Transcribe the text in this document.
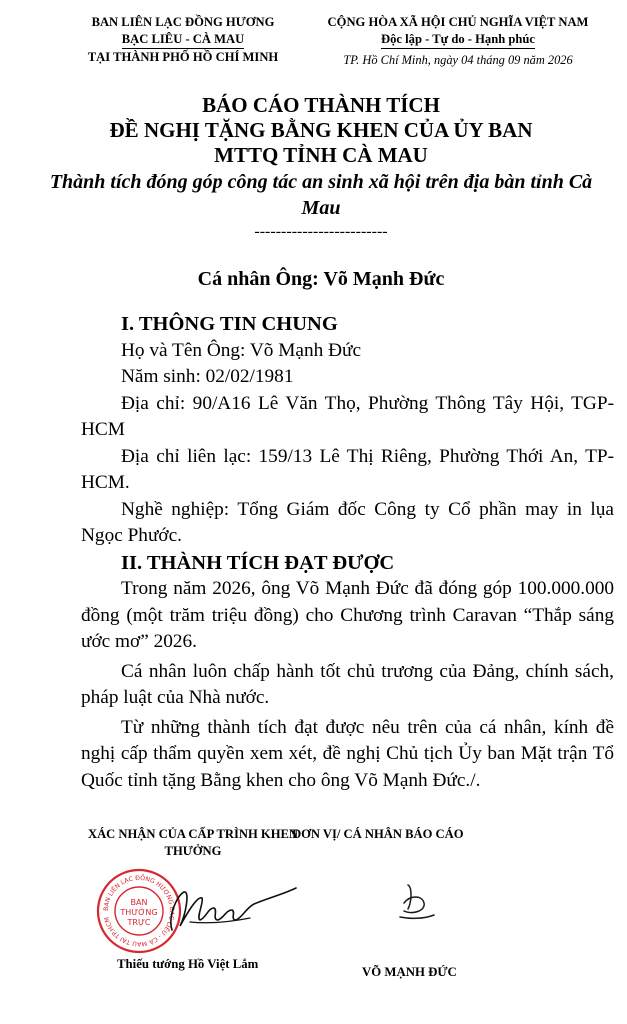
BAN LIÊN LẠC ĐỒNG HƯƠNG
BẠC LIÊU - CÀ MAU
TẠI THÀNH PHỐ HỒ CHÍ MINH
CỘNG HÒA XÃ HỘI CHỦ NGHĨA VIỆT NAM
Độc lập - Tự do - Hạnh phúc
TP. Hồ Chí Minh, ngày 04 tháng 09 năm 2026
BÁO CÁO THÀNH TÍCH
ĐỀ NGHỊ TẶNG BẰNG KHEN CỦA ỦY BAN
MTTQ TỈNH CÀ MAU
Thành tích đóng góp công tác an sinh xã hội trên địa bàn tỉnh Cà Mau
-------------------------
Cá nhân Ông: Võ Mạnh Đức

I. THÔNG TIN CHUNG

Họ và Tên Ông: Võ Mạnh Đức

Năm sinh: 02/02/1981

Địa chỉ: 90/A16 Lê Văn Thọ, Phường Thông Tây Hội, TGP-HCM

Địa chỉ liên lạc: 159/13 Lê Thị Riêng, Phường Thới An, TP-HCM.

Nghề nghiệp: Tổng Giám đốc Công ty Cổ phần may in lụa Ngọc Phước.

II. THÀNH TÍCH ĐẠT ĐƯỢC

Trong năm 2026, ông Võ Mạnh Đức đã đóng góp 100.000.000 đồng (một trăm triệu đồng) cho Chương trình Caravan “Thắp sáng ước mơ” 2026.

Cá nhân luôn chấp hành tốt chủ trương của Đảng, chính sách, pháp luật của Nhà nước.

Từ những thành tích đạt được nêu trên của cá nhân, kính đề nghị cấp thẩm quyền xem xét, đề nghị Chủ tịch Ủy ban Mặt trận Tổ Quốc tỉnh tặng Bằng khen cho ông Võ Mạnh Đức./.

XÁC NHẬN CỦA CẤP TRÌNH KHEN THƯỞNG
ĐƠN VỊ/ CÁ NHÂN BÁO CÁO
BAN LIÊN LẠC ĐỒNG HƯƠNG BẠC LIÊU - CÀ MAU TẠI TP.HCM
BAN
THƯỜNG
TRỰC
Thiếu tướng Hồ Việt Lắm
VÕ MẠNH ĐỨC
